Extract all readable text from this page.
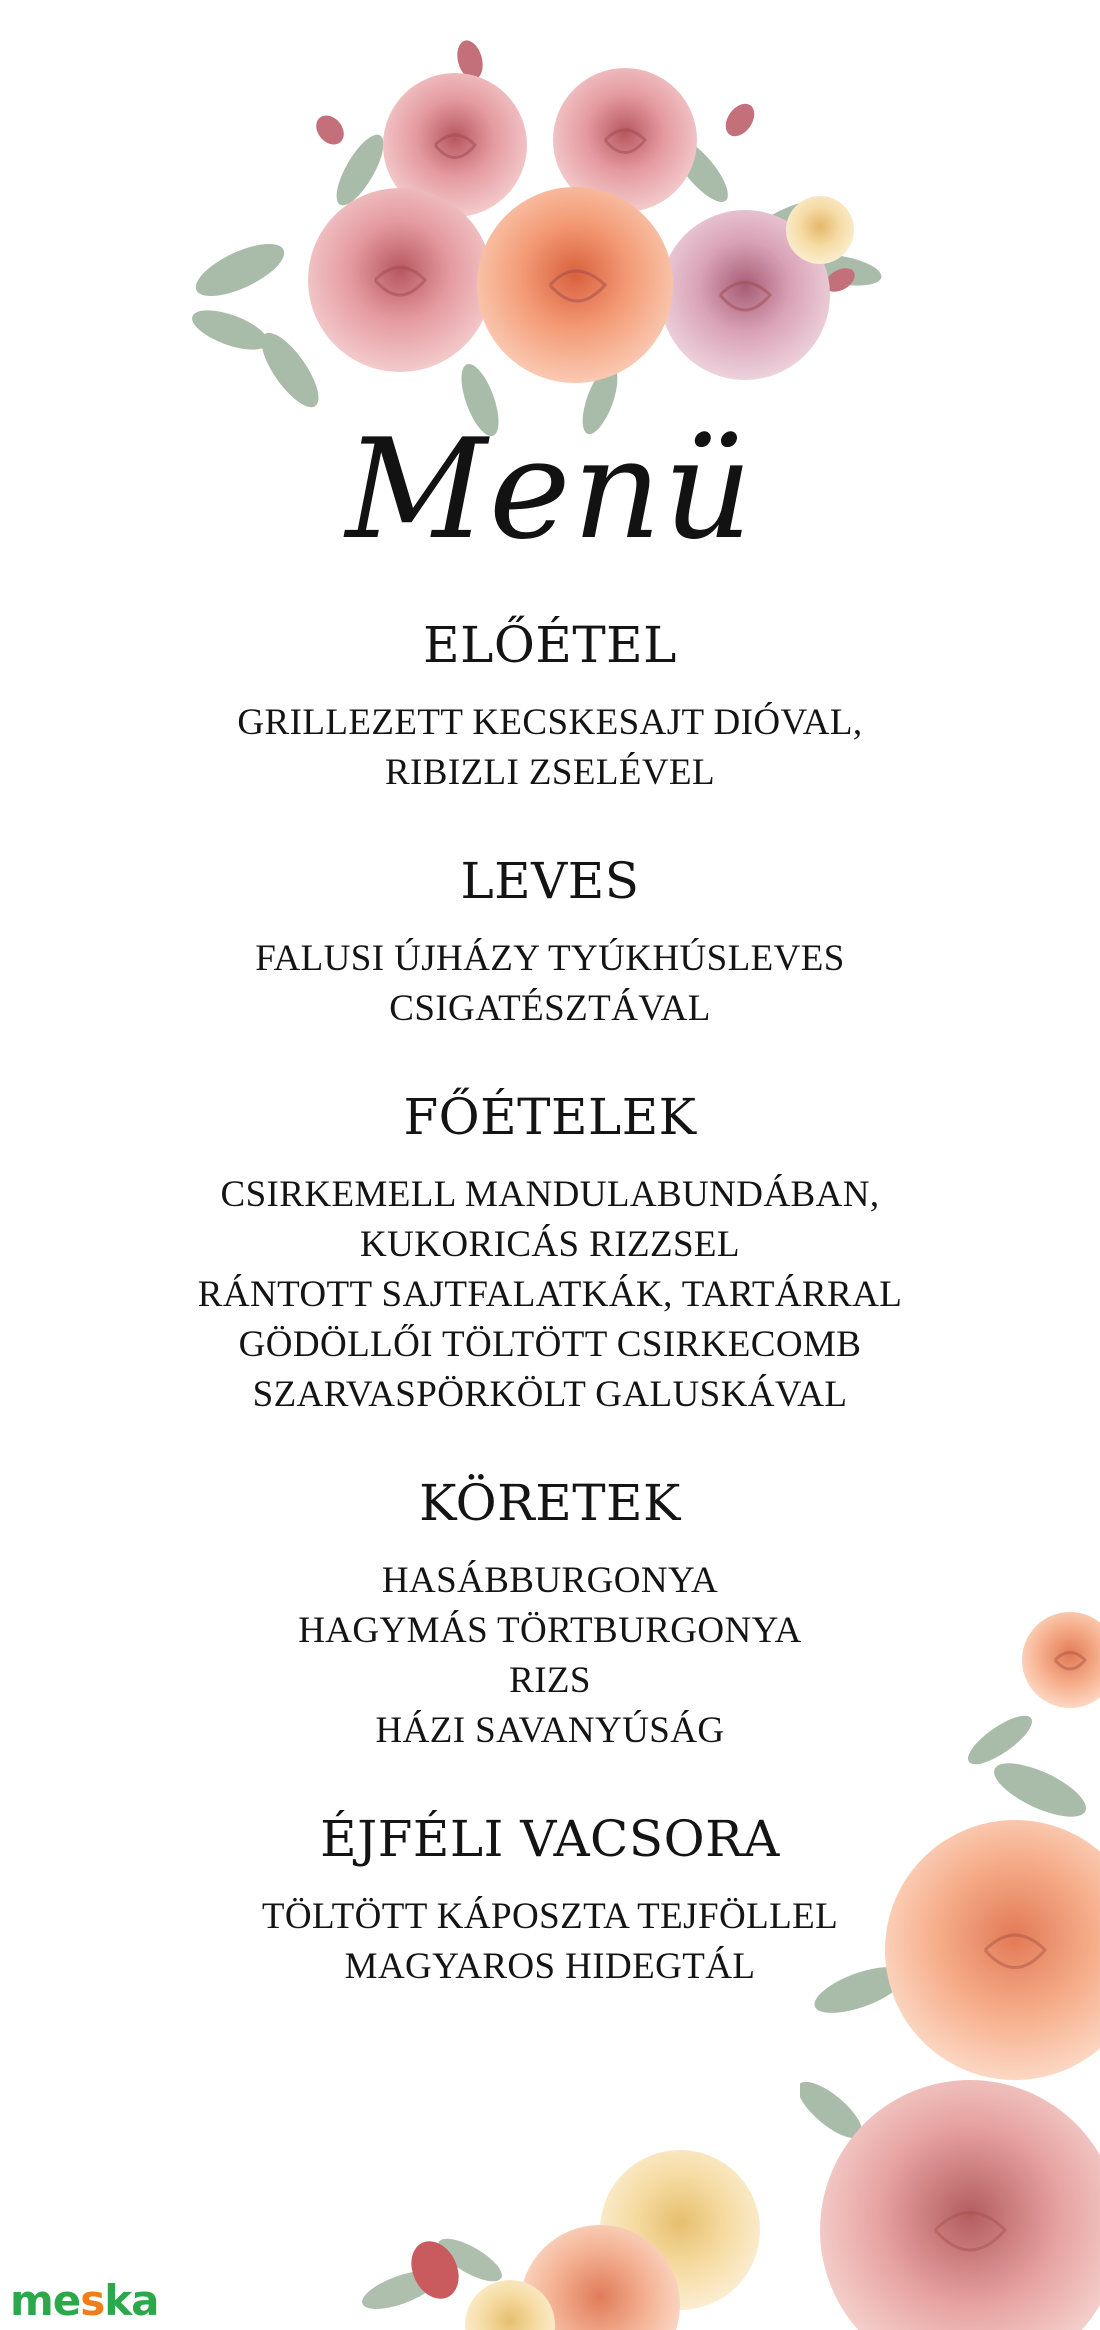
Menü
ELŐÉTEL
GRILLEZETT KECSKESAJT DIÓVAL,
RIBIZLI ZSELÉVEL
LEVES
FALUSI ÚJHÁZY TYÚKHÚSLEVES
CSIGATÉSZTÁVAL
FŐÉTELEK
CSIRKEMELL MANDULABUNDÁBAN,
KUKORICÁS RIZZSEL
RÁNTOTT SAJTFALATKÁK, TARTÁRRAL
GÖDÖLLŐI TÖLTÖTT CSIRKECOMB
SZARVASPÖRKÖLT GALUSKÁVAL
KÖRETEK
HASÁBBURGONYA
HAGYMÁS TÖRTBURGONYA
RIZS
HÁZI SAVANYÚSÁG
ÉJFÉLI VACSORA
TÖLTÖTT KÁPOSZTA TEJFÖLLEL
MAGYAROS HIDEGTÁL
meska
